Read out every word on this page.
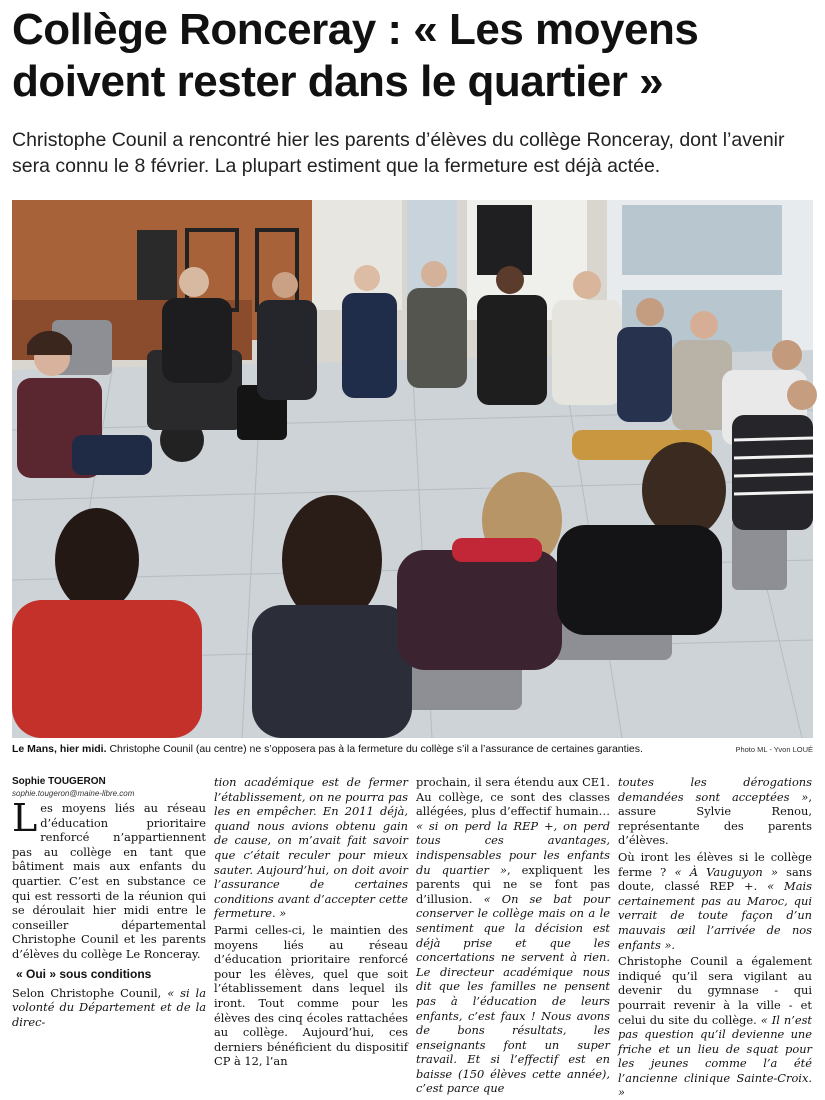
Collège Ronceray : « Les moyens doivent rester dans le quartier »

Christophe Counil a rencontré hier les parents d’élèves du collège Ronceray, dont l’avenir sera connu le 8 février. La plupart estiment que la fermeture est déjà actée.

Le Mans, hier midi. Christophe Counil (au centre) ne s’opposera pas à la fermeture du collège s’il a l’assurance de certaines garanties.	Photo ML - Yvon LOUÉ
Sophie TOUGERON
sophie.tougeron@maine-libre.com

Les moyens liés au réseau d’éducation prioritaire renforcé n’appartiennent pas au collège en tant que bâtiment mais aux enfants du quartier. C’est en substance ce qui est ressorti de la réunion qui se déroulait hier midi entre le conseiller départemental Christophe Counil et les parents d’élèves du collège Le Ronceray.

« Oui » sous conditions

Selon Christophe Counil, « si la volonté du Département et de la direc-

tion académique est de fermer l’établissement, on ne pourra pas les en empêcher. En 2011 déjà, quand nous avions obtenu gain de cause, on m’avait fait savoir que c’était reculer pour mieux sauter. Aujourd’hui, on doit avoir l’assurance de certaines conditions avant d’accepter cette fermeture. »

Parmi celles-ci, le maintien des moyens liés au réseau d’éducation prioritaire renforcé pour les élèves, quel que soit l’établissement dans lequel ils iront. Tout comme pour les élèves des cinq écoles rattachées au collège. Aujourd’hui, ces derniers bénéficient du dispositif CP à 12, l’an

prochain, il sera étendu aux CE1. Au collège, ce sont des classes allégées, plus d’effectif humain… « si on perd la REP +, on perd tous ces avantages, indispensables pour les enfants du quartier », expliquent les parents qui ne se font pas d’illusion. « On se bat pour conserver le collège mais on a le sentiment que la décision est déjà prise et que les concertations ne servent à rien. Le directeur académique nous dit que les familles ne pensent pas à l’éducation de leurs enfants, c’est faux ! Nous avons de bons résultats, les enseignants font un super travail. Et si l’effectif est en baisse (150 élèves cette année), c’est parce que

toutes les dérogations demandées sont acceptées », assure Sylvie Renou, représentante des parents d’élèves.

Où iront les élèves si le collège ferme ? « À Vauguyon » sans doute, classé REP +. « Mais certainement pas au Maroc, qui verrait de toute façon d’un mauvais œil l’arrivée de nos enfants ».

Christophe Counil a également indiqué qu’il sera vigilant au devenir du gymnase - qui pourrait revenir à la ville - et celui du site du collège. « Il n’est pas question qu’il devienne une friche et un lieu de squat pour les jeunes comme l’a été l’ancienne clinique Sainte-Croix. »
